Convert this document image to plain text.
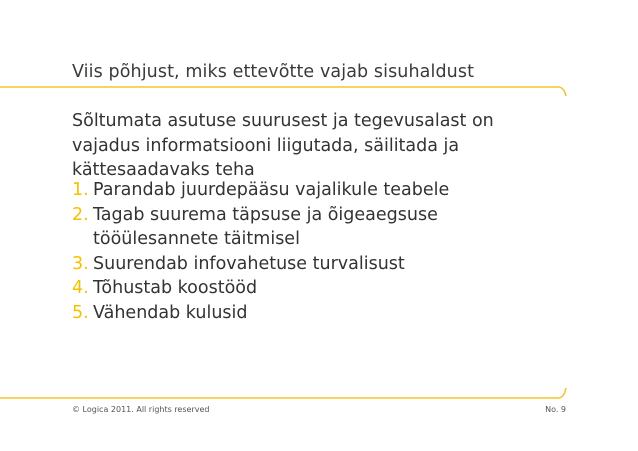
Viis põhjust, miks ettevõtte vajab sisuhaldust
Sõltumata asutuse suurusest ja tegevusalast on vajadus informatsiooni liigutada, säilitada ja kättesaadavaks teha
1. Parandab juurdepääsu vajalikule teabele
2. Tagab suurema täpsuse ja õigeaegsuse tööülesannete täitmisel
3. Suurendab infovahetuse turvalisust
4. Tõhustab koostööd
5. Vähendab kulusid
© Logica 2011. All rights reserved	No. 9
